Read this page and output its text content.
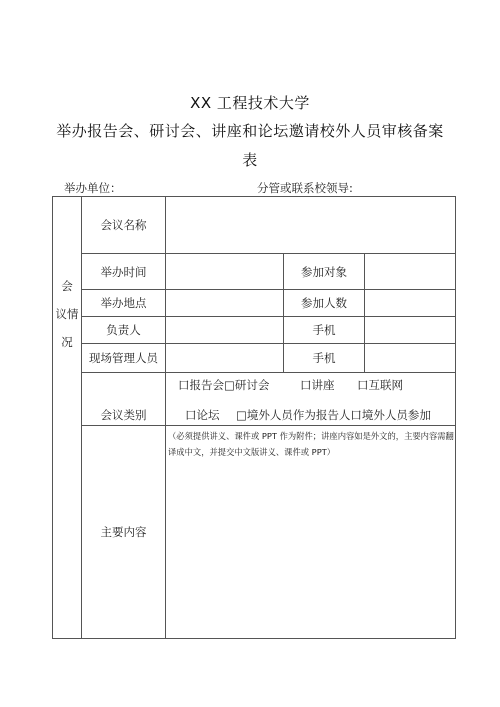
XX 工程技术大学
举办报告会、研讨会、讲座和论坛邀请校外人员审核备案
表
举办单位：	分管或联系校领导:
会
议情
况
会议名称
举办时间	参加对象
举办地点	参加人数
负责人	手机
现场管理人员	手机
会议类别
口报告会□研讨会	口讲座 口互联网
口论坛 □境外人员作为报告人口境外人员参加
主要内容
（必须提供讲义、课件或 PPT 作为附件；讲座内容如是外文的，主要内容需翻译成中文，并提交中文版讲义、课件或 PPT）
